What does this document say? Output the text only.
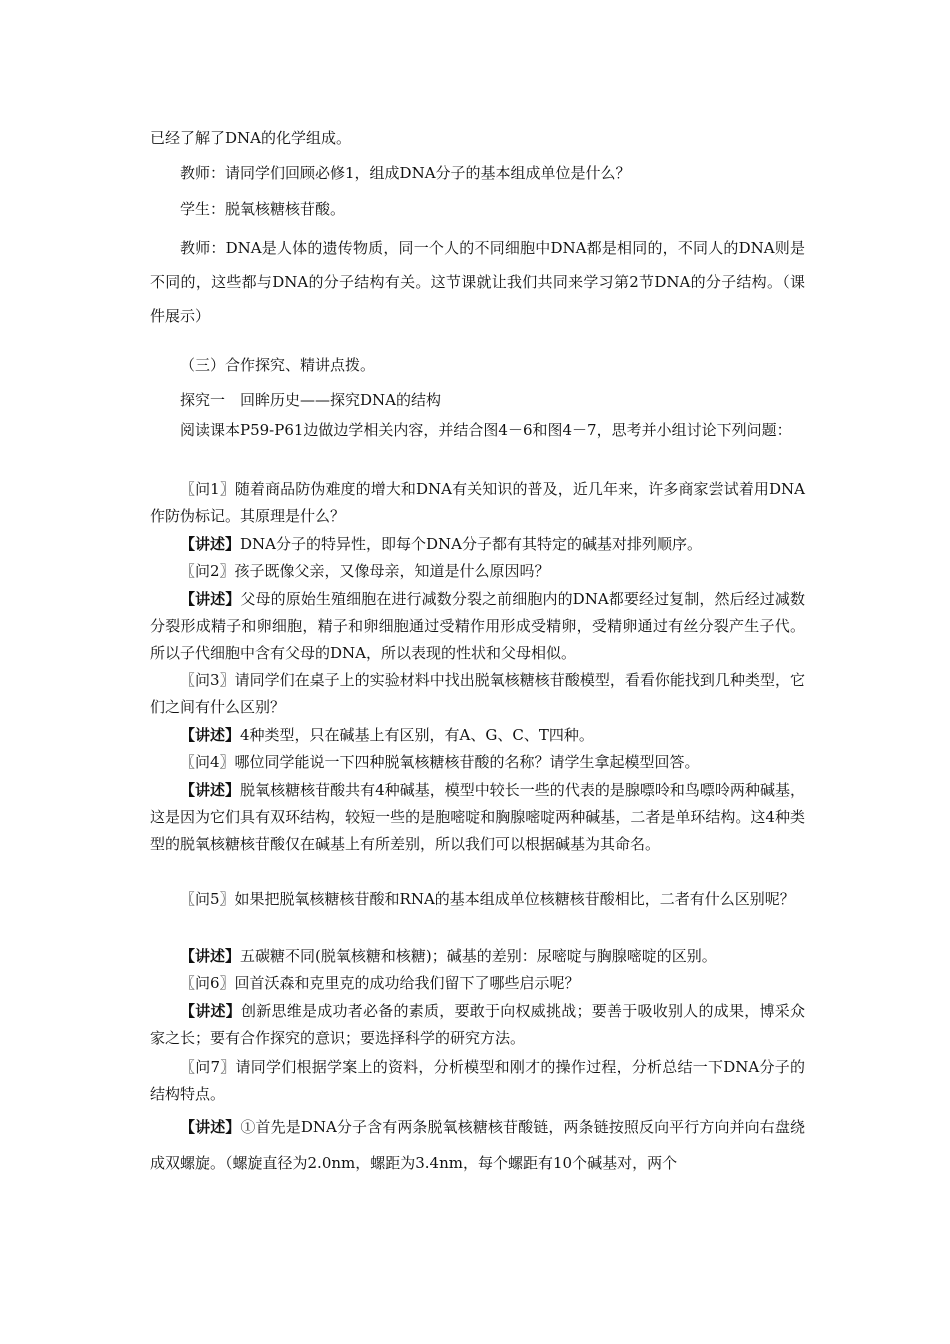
已经了解了DNA的化学组成。

教师：请同学们回顾必修1，组成DNA分子的基本组成单位是什么？

学生：脱氧核糖核苷酸。

教师：DNA是人体的遗传物质，同一个人的不同细胞中DNA都是相同的，不同人的DNA则是不同的，这些都与DNA的分子结构有关。这节课就让我们共同来学习第2节DNA的分子结构。（课件展示）

（三）合作探究、精讲点拨。

探究一　回眸历史——探究DNA的结构

阅读课本P59-P61边做边学相关内容，并结合图4－6和图4－7，思考并小组讨论下列问题：

〖问1〗随着商品防伪难度的增大和DNA有关知识的普及，近几年来，许多商家尝试着用DNA作防伪标记。其原理是什么？

【讲述】DNA分子的特异性，即每个DNA分子都有其特定的碱基对排列顺序。

〖问2〗孩子既像父亲，又像母亲，知道是什么原因吗？

【讲述】父母的原始生殖细胞在进行减数分裂之前细胞内的DNA都要经过复制，然后经过减数分裂形成精子和卵细胞，精子和卵细胞通过受精作用形成受精卵，受精卵通过有丝分裂产生子代。所以子代细胞中含有父母的DNA，所以表现的性状和父母相似。

〖问3〗请同学们在桌子上的实验材料中找出脱氧核糖核苷酸模型，看看你能找到几种类型，它们之间有什么区别？

【讲述】4种类型，只在碱基上有区别，有A、G、C、T四种。

〖问4〗哪位同学能说一下四种脱氧核糖核苷酸的名称？请学生拿起模型回答。

【讲述】脱氧核糖核苷酸共有4种碱基，模型中较长一些的代表的是腺嘌呤和鸟嘌呤两种碱基，这是因为它们具有双环结构，较短一些的是胞嘧啶和胸腺嘧啶两种碱基，二者是单环结构。这4种类型的脱氧核糖核苷酸仅在碱基上有所差别，所以我们可以根据碱基为其命名。

〖问5〗如果把脱氧核糖核苷酸和RNA的基本组成单位核糖核苷酸相比，二者有什么区别呢？

【讲述】五碳糖不同(脱氧核糖和核糖)；碱基的差别：尿嘧啶与胸腺嘧啶的区别。

〖问6〗回首沃森和克里克的成功给我们留下了哪些启示呢？

【讲述】创新思维是成功者必备的素质，要敢于向权威挑战；要善于吸收别人的成果，博采众家之长；要有合作探究的意识；要选择科学的研究方法。

〖问7〗请同学们根据学案上的资料，分析模型和刚才的操作过程，分析总结一下DNA分子的结构特点。

【讲述】①首先是DNA分子含有两条脱氧核糖核苷酸链，两条链按照反向平行方向并向右盘绕成双螺旋。（螺旋直径为2.0nm，螺距为3.4nm，每个螺距有10个碱基对，两个
